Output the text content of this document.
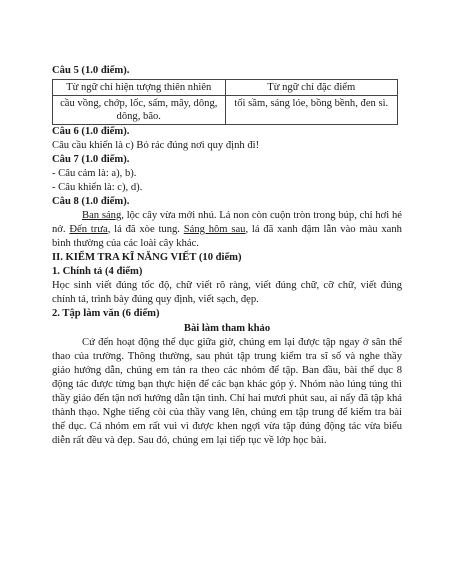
Câu 5 (1.0 điểm).

Từ ngữ chỉ hiện tượng thiên nhiên	Từ ngữ chỉ đặc điểm
cầu vồng, chớp, lốc, sấm, mây, dông, dông, bão.	tối sầm, sáng lóe, bồng bềnh, đen sì.

Câu 6 (1.0 điểm).

Câu cầu khiến là c) Bỏ rác đúng nơi quy định đi!

Câu 7 (1.0 điểm).

- Câu cảm là: a), b).

- Câu khiến là: c), d).

Câu 8 (1.0 điểm).

Ban sáng, lộc cây vừa mới nhú. Lá non còn cuộn tròn trong búp, chỉ hơi hé nở. Đến trưa, lá đã xòe tung. Sáng hôm sau, lá đã xanh đậm lẫn vào màu xanh bình thường của các loài cây khác.

II. KIỂM TRA KĨ NĂNG VIẾT (10 điểm)

1. Chính tả (4 điểm)

Học sinh viết đúng tốc độ, chữ viết rõ ràng, viết đúng chữ, cỡ chữ, viết đúng chính tả, trình bày đúng quy định, viết sạch, đẹp.

2. Tập làm văn (6 điểm)

Bài làm tham khảo

Cứ đến hoạt động thể dục giữa giờ, chúng em lại được tập ngay ở sân thể thao của trường. Thông thường, sau phút tập trung kiểm tra sĩ số và nghe thầy giáo hướng dẫn, chúng em tản ra theo các nhóm để tập. Ban đầu, bài thể dục 8 động tác được từng bạn thực hiện để các bạn khác góp ý. Nhóm nào lúng túng thì thầy giáo đến tận nơi hướng dẫn tận tình. Chỉ hai mươi phút sau, ai nấy đã tập khá thành thạo. Nghe tiếng còi của thầy vang lên, chúng em tập trung để kiểm tra bài thể dục. Cả nhóm em rất vui vì được khen ngợi vừa tập đúng động tác vừa biểu diễn rất đều và đẹp. Sau đó, chúng em lại tiếp tục về lớp học bài.
